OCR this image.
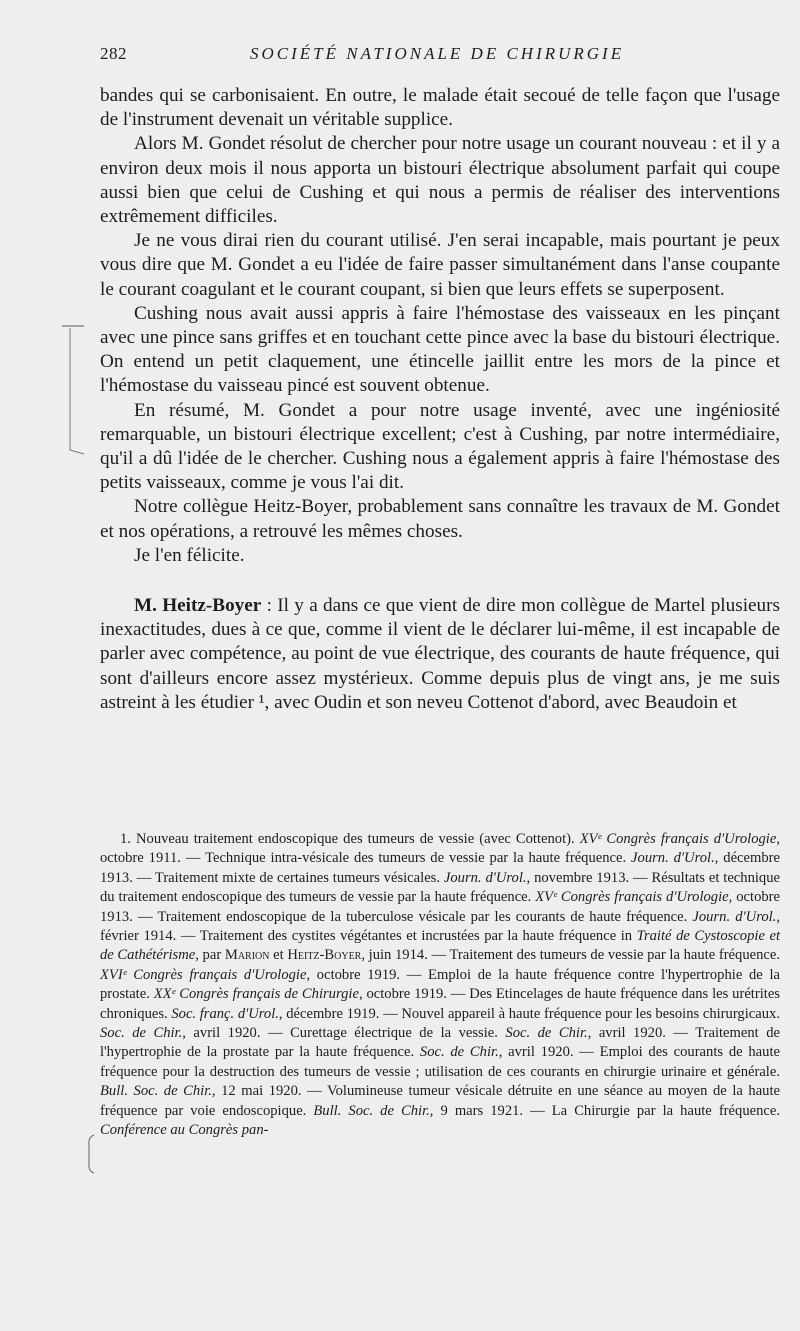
282	SOCIÉTÉ NATIONALE DE CHIRURGIE

bandes qui se carbonisaient. En outre, le malade était secoué de telle façon que l'usage de l'instrument devenait un véritable supplice.

Alors M. Gondet résolut de chercher pour notre usage un courant nouveau : et il y a environ deux mois il nous apporta un bistouri électrique absolument parfait qui coupe aussi bien que celui de Cushing et qui nous a permis de réaliser des interventions extrêmement difficiles.

Je ne vous dirai rien du courant utilisé. J'en serai incapable, mais pourtant je peux vous dire que M. Gondet a eu l'idée de faire passer simultanément dans l'anse coupante le courant coagulant et le courant coupant, si bien que leurs effets se superposent.

Cushing nous avait aussi appris à faire l'hémostase des vaisseaux en les pinçant avec une pince sans griffes et en touchant cette pince avec la base du bistouri électrique. On entend un petit claquement, une étincelle jaillit entre les mors de la pince et l'hémostase du vaisseau pincé est souvent obtenue.

En résumé, M. Gondet a pour notre usage inventé, avec une ingéniosité remarquable, un bistouri électrique excellent; c'est à Cushing, par notre intermédiaire, qu'il a dû l'idée de le chercher. Cushing nous a également appris à faire l'hémostase des petits vaisseaux, comme je vous l'ai dit.

Notre collègue Heitz-Boyer, probablement sans connaître les travaux de M. Gondet et nos opérations, a retrouvé les mêmes choses.

Je l'en félicite.

M. Heitz-Boyer : Il y a dans ce que vient de dire mon collègue de Martel plusieurs inexactitudes, dues à ce que, comme il vient de le déclarer lui-même, il est incapable de parler avec compétence, au point de vue électrique, des courants de haute fréquence, qui sont d'ailleurs encore assez mystérieux. Comme depuis plus de vingt ans, je me suis astreint à les étudier ¹, avec Oudin et son neveu Cottenot d'abord, avec Beaudoin et

1. Nouveau traitement endoscopique des tumeurs de vessie (avec Cottenot). XVᵉ Congrès français d'Urologie, octobre 1911. — Technique intra-vésicale des tumeurs de vessie par la haute fréquence. Journ. d'Urol., décembre 1913. — Traitement mixte de certaines tumeurs vésicales. Journ. d'Urol., novembre 1913. — Résultats et technique du traitement endoscopique des tumeurs de vessie par la haute fréquence. XVᵉ Congrès français d'Urologie, octobre 1913. — Traitement endoscopique de la tuberculose vésicale par les courants de haute fréquence. Journ. d'Urol., février 1914. — Traitement des cystites végétantes et incrustées par la haute fréquence in Traité de Cystoscopie et de Cathétérisme, par Marion et Heitz-Boyer, juin 1914. — Traitement des tumeurs de vessie par la haute fréquence. XVIᵉ Congrès français d'Urologie, octobre 1919. — Emploi de la haute fréquence contre l'hypertrophie de la prostate. XXᵉ Congrès français de Chirurgie, octobre 1919. — Des Etincelages de haute fréquence dans les urétrites chroniques. Soc. franç. d'Urol., décembre 1919. — Nouvel appareil à haute fréquence pour les besoins chirurgicaux. Soc. de Chir., avril 1920. — Curettage électrique de la vessie. Soc. de Chir., avril 1920. — Traitement de l'hypertrophie de la prostate par la haute fréquence. Soc. de Chir., avril 1920. — Emploi des courants de haute fréquence pour la destruction des tumeurs de vessie ; utilisation de ces courants en chirurgie urinaire et générale. Bull. Soc. de Chir., 12 mai 1920. — Volumineuse tumeur vésicale détruite en une séance au moyen de la haute fréquence par voie endoscopique. Bull. Soc. de Chir., 9 mars 1921. — La Chirurgie par la haute fréquence. Conférence au Congrès pan-
